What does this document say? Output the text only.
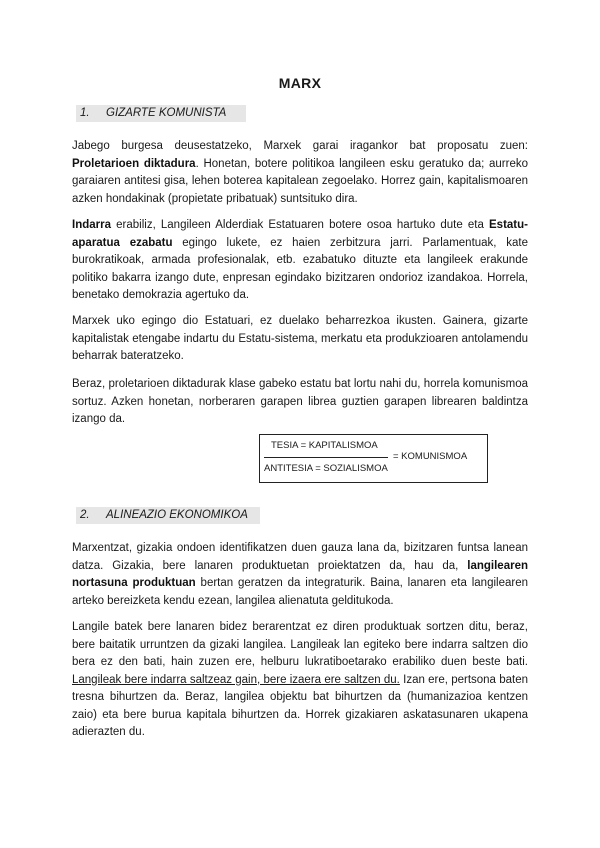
MARX
1. GIZARTE KOMUNISTA
Jabego burgesa deusestatzeko, Marxek garai iragankor bat proposatu zuen: Proletarioen diktadura. Honetan, botere politikoa langileen esku geratuko da; aurreko garaiaren antitesi gisa, lehen boterea kapitalean zegoelako. Horrez gain, kapitalismoaren azken hondakinak (propietate pribatuak) suntsituko dira.
Indarra erabiliz, Langileen Alderdiak Estatuaren botere osoa hartuko dute eta Estatu-aparatua ezabatu egingo lukete, ez haien zerbitzura jarri. Parlamentuak, kate burokratikoak, armada profesionalak, etb. ezabatuko dituzte eta langileek erakunde politiko bakarra izango dute, enpresan egindako bizitzaren ondorioz izandakoa. Horrela, benetako demokrazia agertuko da.
Marxek uko egingo dio Estatuari, ez duelako beharrezkoa ikusten. Gainera, gizarte kapitalistak etengabe indartu du Estatu-sistema, merkatu eta produkzioaren antolamendu beharrak bateratzeko.
Beraz, proletarioen diktadurak klase gabeko estatu bat lortu nahi du, horrela komunismoa sortuz. Azken honetan, norberaren garapen librea guztien garapen librearen baldintza izango da.
TESIA = KAPITALISMOA
ANTITESIA = SOZIALISMOA
= KOMUNISMOA
2. ALINEAZIO EKONOMIKOA
Marxentzat, gizakia ondoen identifikatzen duen gauza lana da, bizitzaren funtsa lanean datza. Gizakia, bere lanaren produktuetan proiektatzen da, hau da, langilearen nortasuna produktuan bertan geratzen da integraturik. Baina, lanaren eta langilearen arteko bereizketa kendu ezean, langilea alienatuta gelditukoda.
Langile batek bere lanaren bidez berarentzat ez diren produktuak sortzen ditu, beraz, bere baitatik urruntzen da gizaki langilea. Langileak lan egiteko bere indarra saltzen dio bera ez den bati, hain zuzen ere, helburu lukratiboetarako erabiliko duen beste bati. Langileak bere indarra saltzeaz gain, bere izaera ere saltzen du. Izan ere, pertsona baten tresna bihurtzen da. Beraz, langilea objektu bat bihurtzen da (humanizazioa kentzen zaio) eta bere burua kapitala bihurtzen da. Horrek gizakiaren askatasunaren ukapena adierazten du.
